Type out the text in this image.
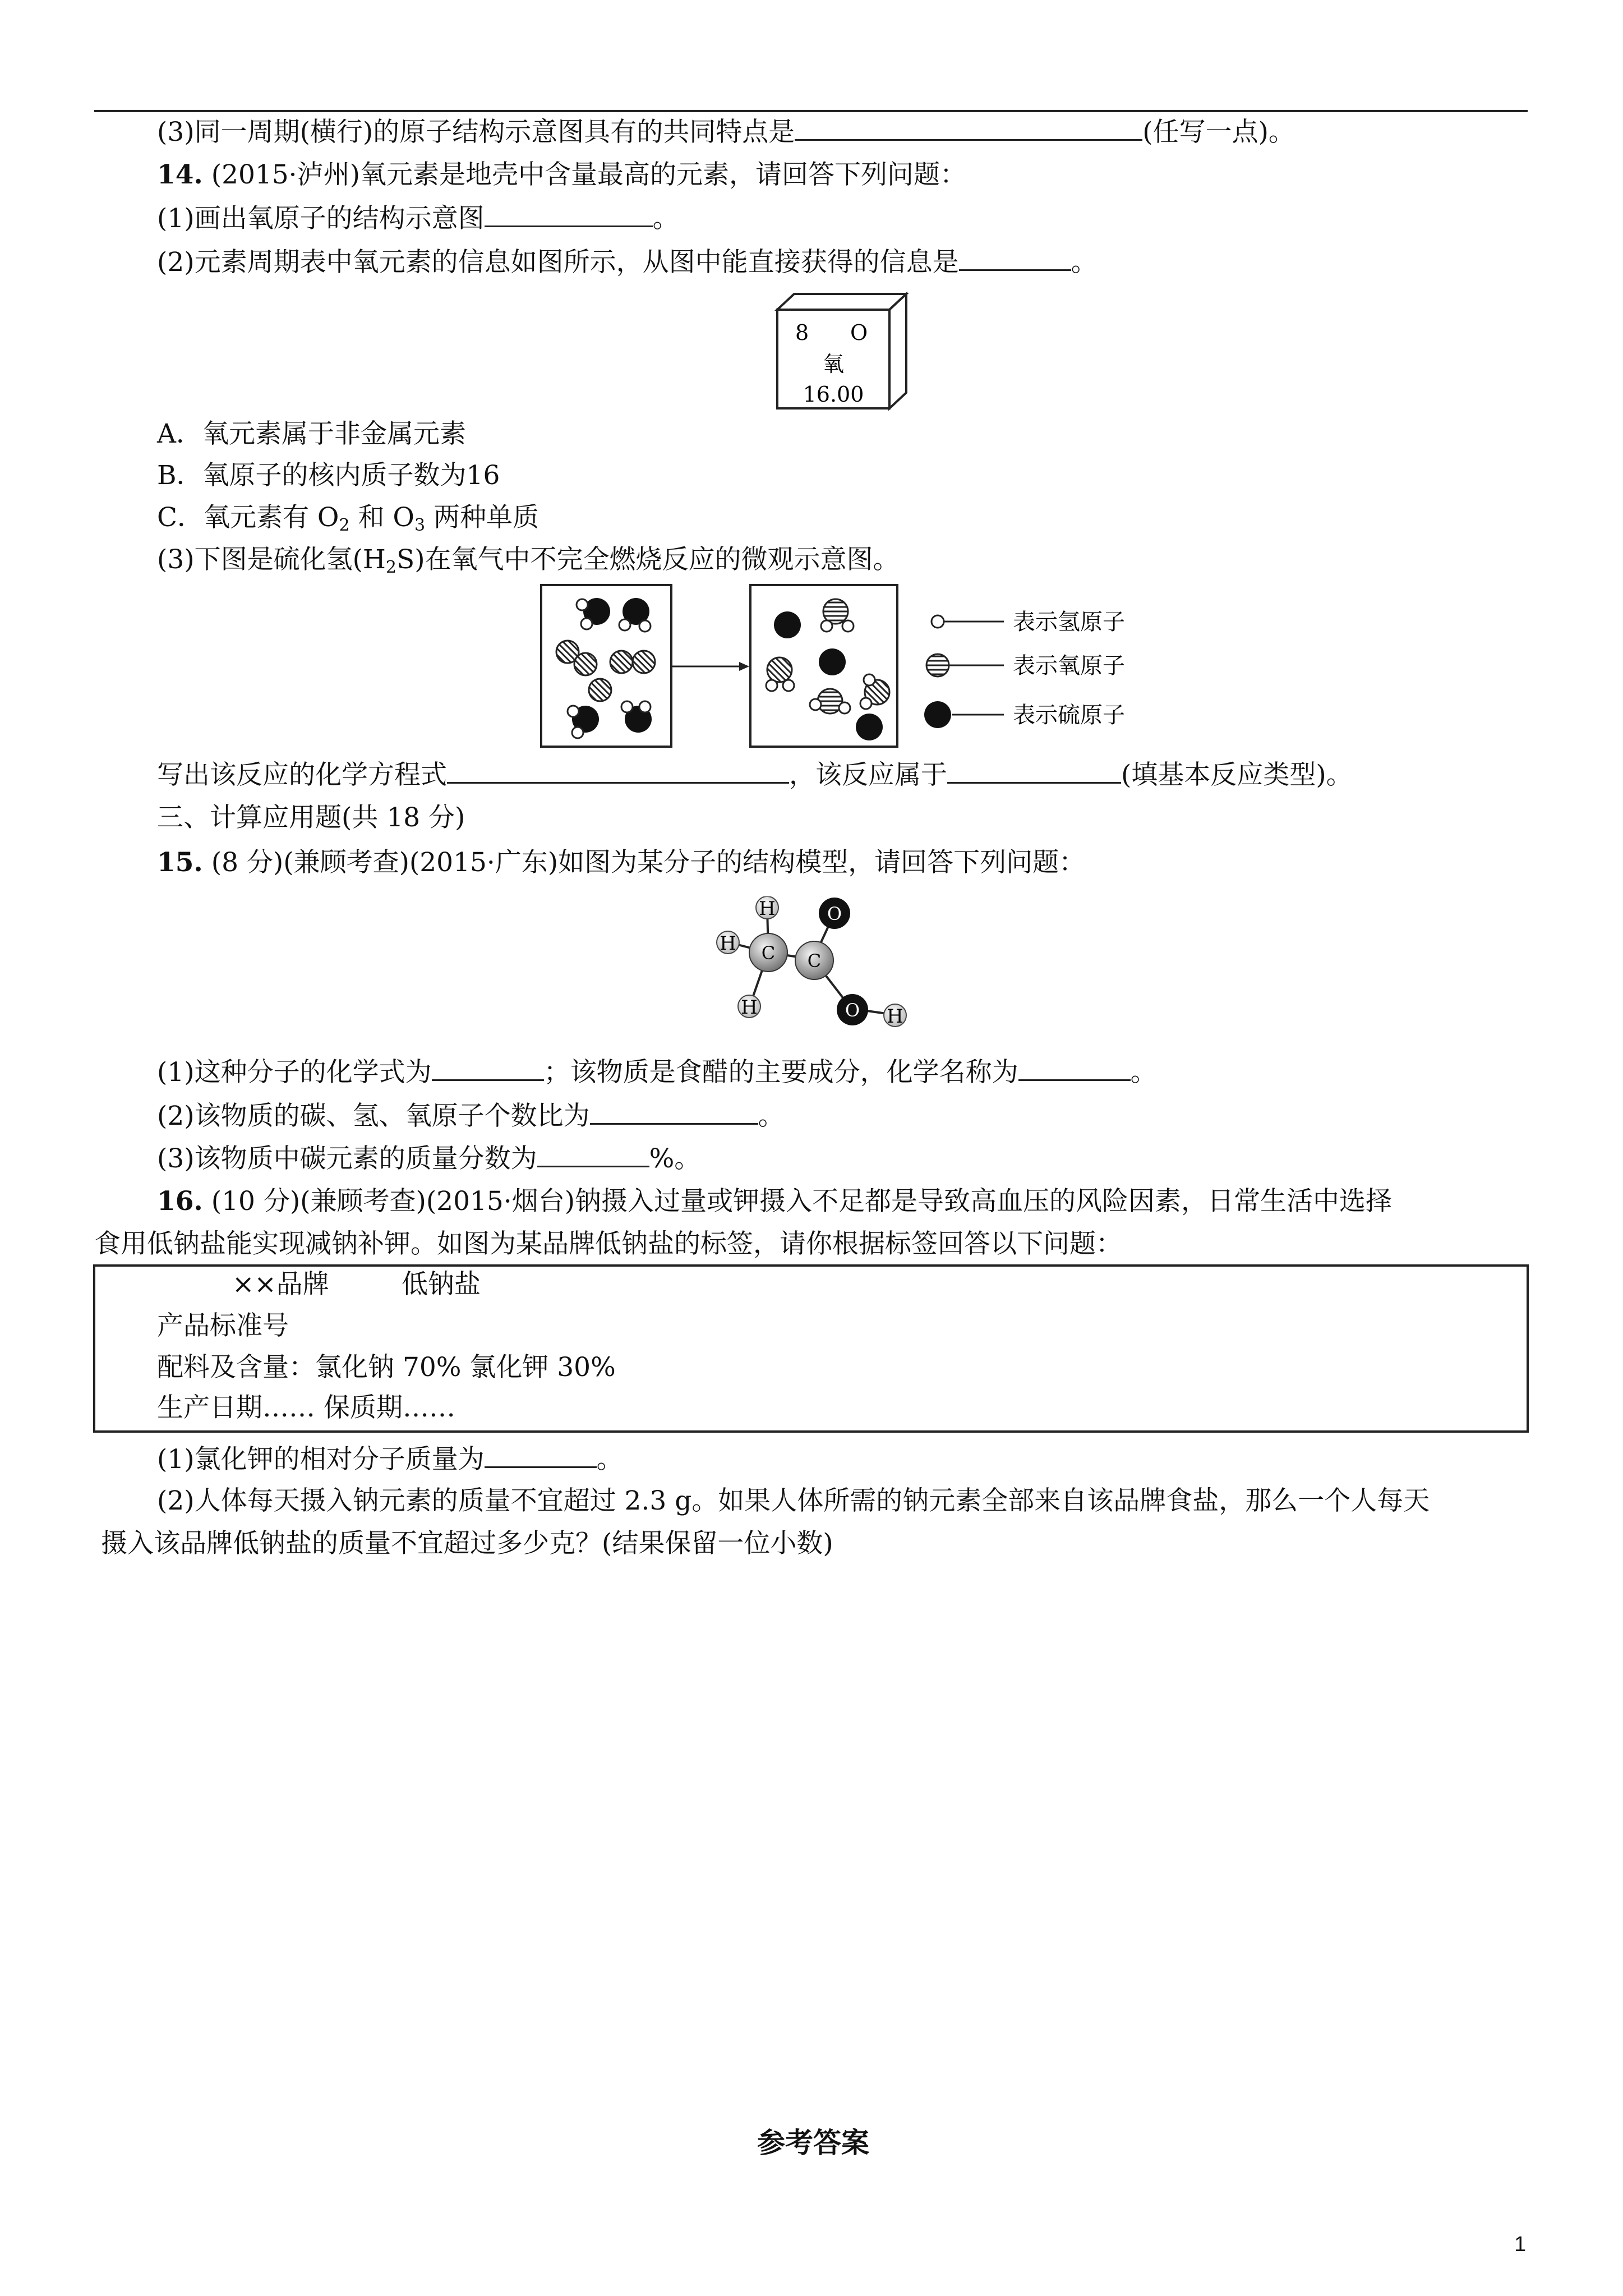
(3)同一周期(横行)的原子结构示意图具有的共同特点是	(任写一点)。
14. (2015·泸州)氧元素是地壳中含量最高的元素，请回答下列问题：
(1)画出氧原子的结构示意图	。
(2)元素周期表中氧元素的信息如图所示，从图中能直接获得的信息是	。
8 O
氧
16.00
A．氧元素属于非金属元素
B．氧原子的核内质子数为16
C．氧元素有 $O_2$ 和 $O_3$ 两种单质
(3)下图是硫化氢$(H_2S)$在氧气中不完全燃烧反应的微观示意图。
表示氢原子
表示氧原子
表示硫原子
写出该反应的化学方程式	，该反应属于	(填基本反应类型)。
三、计算应用题(共 18 分)
15. (8 分)(兼顾考查)(2015·广东)如图为某分子的结构模型，请回答下列问题：
H
H
H
C C
O
O H
(1)这种分子的化学式为	；该物质是食醋的主要成分，化学名称为	。
(2)该物质的碳、氢、氧原子个数比为	。
(3)该物质中碳元素的质量分数为	%。
16. (10 分)(兼顾考查)(2015·烟台)钠摄入过量或钾摄入不足都是导致高血压的风险因素，日常生活中选择
食用低钠盐能实现减钠补钾。如图为某品牌低钠盐的标签，请你根据标签回答以下问题：
××品牌	低钠盐
产品标准号
配料及含量：氯化钠 70% 氯化钾 30%
生产日期…… 保质期……
(1)氯化钾的相对分子质量为	。
(2)人体每天摄入钠元素的质量不宜超过 2.3 g。如果人体所需的钠元素全部来自该品牌食盐，那么一个人每天
摄入该品牌低钠盐的质量不宜超过多少克？(结果保留一位小数)
参考答案
1
